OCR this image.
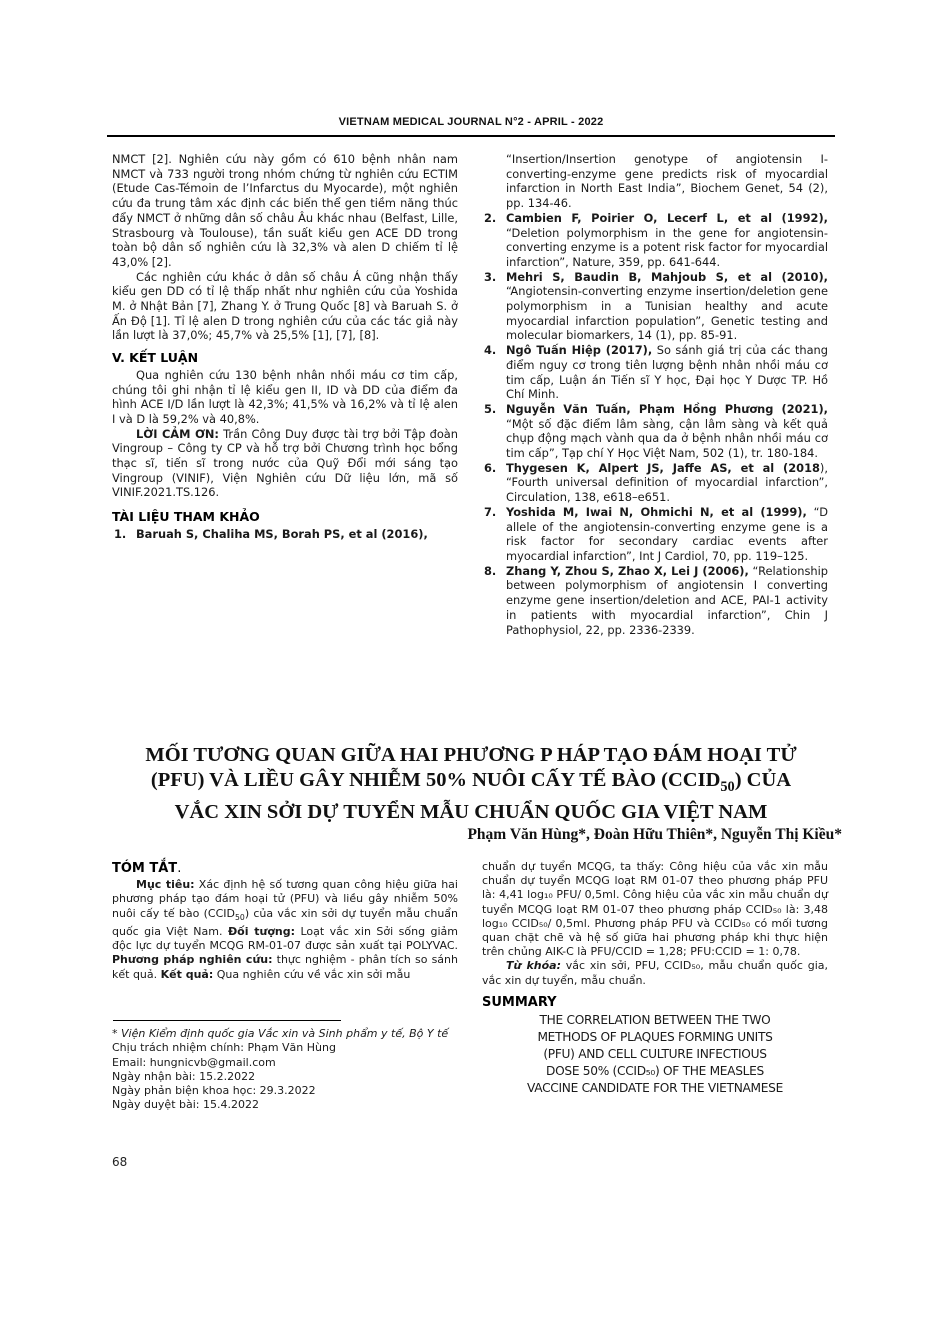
VIETNAM MEDICAL JOURNAL N°2 - APRIL - 2022

NMCT [2]. Nghiên cứu này gồm có 610 bệnh nhân nam NMCT và 733 người trong nhóm chứng từ nghiên cứu ECTIM (Etude Cas-Témoin de l’Infarctus du Myocarde), một nghiên cứu đa trung tâm xác định các biến thể gen tiềm năng thúc đẩy NMCT ở những dân số châu Âu khác nhau (Belfast, Lille, Strasbourg và Toulouse), tần suất kiểu gen ACE DD trong toàn bộ dân số nghiên cứu là 32,3% và alen D chiếm tỉ lệ 43,0% [2].

Các nghiên cứu khác ở dân số châu Á cũng nhận thấy kiểu gen DD có tỉ lệ thấp nhất như nghiên cứu của Yoshida M. ở Nhật Bản [7], Zhang Y. ở Trung Quốc [8] và Baruah S. ở Ấn Độ [1]. Tỉ lệ alen D trong nghiên cứu của các tác giả này lần lượt là 37,0%; 45,7% và 25,5% [1], [7], [8].

V. KẾT LUẬN

Qua nghiên cứu 130 bệnh nhân nhồi máu cơ tim cấp, chúng tôi ghi nhận tỉ lệ kiểu gen II, ID và DD của điểm đa hình ACE I/D lần lượt là 42,3%; 41,5% và 16,2% và tỉ lệ alen I và D là 59,2% và 40,8%.

LỜI CẢM ƠN: Trần Công Duy được tài trợ bởi Tập đoàn Vingroup – Công ty CP và hỗ trợ bởi Chương trình học bổng thạc sĩ, tiến sĩ trong nước của Quỹ Đổi mới sáng tạo Vingroup (VINIF), Viện Nghiên cứu Dữ liệu lớn, mã số VINIF.2021.TS.126.

TÀI LIỆU THAM KHẢO
1. Baruah S, Chaliha MS, Borah PS, et al (2016),

“Insertion/Insertion genotype of angiotensin I-converting-enzyme gene predicts risk of myocardial infarction in North East India”, Biochem Genet, 54 (2), pp. 134-46.

2. Cambien F, Poirier O, Lecerf L, et al (1992), “Deletion polymorphism in the gene for angiotensin-converting enzyme is a potent risk factor for myocardial infarction”, Nature, 359, pp. 641-644.
3. Mehri S, Baudin B, Mahjoub S, et al (2010), “Angiotensin-converting enzyme insertion/deletion gene polymorphism in a Tunisian healthy and acute myocardial infarction population”, Genetic testing and molecular biomarkers, 14 (1), pp. 85-91.
4. Ngô Tuấn Hiệp (2017), So sánh giá trị của các thang điểm nguy cơ trong tiên lượng bệnh nhân nhồi máu cơ tim cấp, Luận án Tiến sĩ Y học, Đại học Y Dược TP. Hồ Chí Minh.
5. Nguyễn Văn Tuấn, Phạm Hồng Phương (2021), “Một số đặc điểm lâm sàng, cận lâm sàng và kết quả chụp động mạch vành qua da ở bệnh nhân nhồi máu cơ tim cấp”, Tạp chí Y Học Việt Nam, 502 (1), tr. 180-184.
6. Thygesen K, Alpert JS, Jaffe AS, et al (2018), “Fourth universal definition of myocardial infarction”, Circulation, 138, e618–e651.
7. Yoshida M, Iwai N, Ohmichi N, et al (1999), “D allele of the angiotensin-converting enzyme gene is a risk factor for secondary cardiac events after myocardial infarction”, Int J Cardiol, 70, pp. 119–125.
8. Zhang Y, Zhou S, Zhao X, Lei J (2006), “Relationship between polymorphism of angiotensin I converting enzyme gene insertion/deletion and ACE, PAI-1 activity in patients with myocardial infarction”, Chin J Pathophysiol, 22, pp. 2336-2339.
MỐI TƯƠNG QUAN GIỮA HAI PHƯƠNG P HÁP TẠO ĐÁM HOẠI TỬ
(PFU) VÀ LIỀU GÂY NHIỄM 50% NUÔI CẤY TẾ BÀO $(CCID_{50})$ CỦA
VẮC XIN SỞI DỰ TUYỂN MẪU CHUẨN QUỐC GIA VIỆT NAM
Phạm Văn Hùng*, Đoàn Hữu Thiên*, Nguyễn Thị Kiều*
TÓM TẮT.

Mục tiêu: Xác định hệ số tương quan công hiệu giữa hai phương pháp tạo đám hoại tử (PFU) và liều gây nhiễm 50% nuôi cấy tế bào $(CCID_{50})$ của vắc xin sởi dự tuyển mẫu chuẩn quốc gia Việt Nam. Đối tượng: Loạt vắc xin Sởi sống giảm độc lực dự tuyển MCQG RM-01-07 được sản xuất tại POLYVAC. Phương pháp nghiên cứu: thực nghiệm - phân tích so sánh kết quả. Kết quả: Qua nghiên cứu về vắc xin sởi mẫu

chuẩn dự tuyển MCQG, ta thấy: Công hiệu của vắc xin mẫu chuẩn dự tuyển MCQG loạt RM 01-07 theo phương pháp PFU là: 4,41 log₁₀ PFU/ 0,5ml. Công hiệu của vắc xin mẫu chuẩn dự tuyển MCQG loạt RM 01-07 theo phương pháp CCID₅₀ là: 3,48 log₁₀ CCID₅₀/ 0,5ml. Phương pháp PFU và CCID₅₀ có mối tương quan chặt chẽ và hệ số giữa hai phương pháp khi thực hiện trên chủng AIK-C là PFU/CCID = 1,28; PFU:CCID = 1: 0,78.

Từ khóa: vắc xin sởi, PFU, CCID₅₀, mẫu chuẩn quốc gia, vắc xin dự tuyển, mẫu chuẩn.

SUMMARY
THE CORRELATION BETWEEN THE TWO
METHODS OF PLAQUES FORMING UNITS
(PFU) AND CELL CULTURE INFECTIOUS
DOSE 50% (CCID₅₀) OF THE MEASLES
VACCINE CANDIDATE FOR THE VIETNAMESE
* Viện Kiểm định quốc gia Vắc xin và Sinh phẩm y tế, Bộ Y tế
Chịu trách nhiệm chính: Phạm Văn Hùng
Email: hungnicvb@gmail.com
Ngày nhận bài: 15.2.2022
Ngày phản biện khoa học: 29.3.2022
Ngày duyệt bài: 15.4.2022
68
